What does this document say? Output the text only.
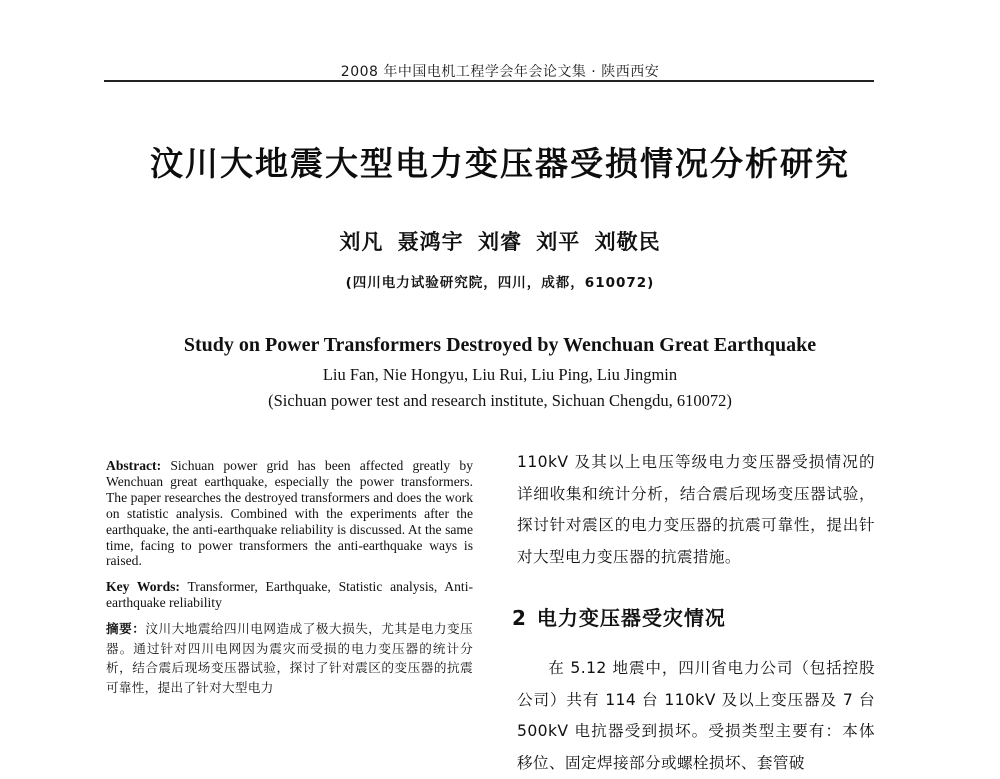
2008 年中国电机工程学会年会论文集 · 陕西西安
汶川大地震大型电力变压器受损情况分析研究
刘凡 聂鸿宇 刘睿 刘平 刘敬民
(四川电力试验研究院，四川，成都，610072)
Study on Power Transformers Destroyed by Wenchuan Great Earthquake
Liu Fan, Nie Hongyu, Liu Rui, Liu Ping, Liu Jingmin
(Sichuan power test and research institute, Sichuan Chengdu, 610072)

Abstract: Sichuan power grid has been affected greatly by Wenchuan great earthquake, especially the power transformers. The paper researches the destroyed transformers and does the work on statistic analysis. Combined with the experiments after the earthquake, the anti-earthquake reliability is discussed. At the same time, facing to power transformers the anti-earthquake ways is raised.

Key Words: Transformer, Earthquake, Statistic analysis, Anti-earthquake reliability

摘要：汶川大地震给四川电网造成了极大损失，尤其是电力变压器。通过针对四川电网因为震灾而受损的电力变压器的统计分析，结合震后现场变压器试验，探讨了针对震区的变压器的抗震可靠性，提出了针对大型电力

110kV 及其以上电压等级电力变压器受损情况的详细收集和统计分析，结合震后现场变压器试验，探讨针对震区的电力变压器的抗震可靠性，提出针对大型电力变压器的抗震措施。

2 电力变压器受灾情况

在 5.12 地震中，四川省电力公司（包括控股公司）共有 114 台 110kV 及以上变压器及 7 台 500kV 电抗器受到损坏。受损类型主要有：本体移位、固定焊接部分或螺栓损坏、套管破
